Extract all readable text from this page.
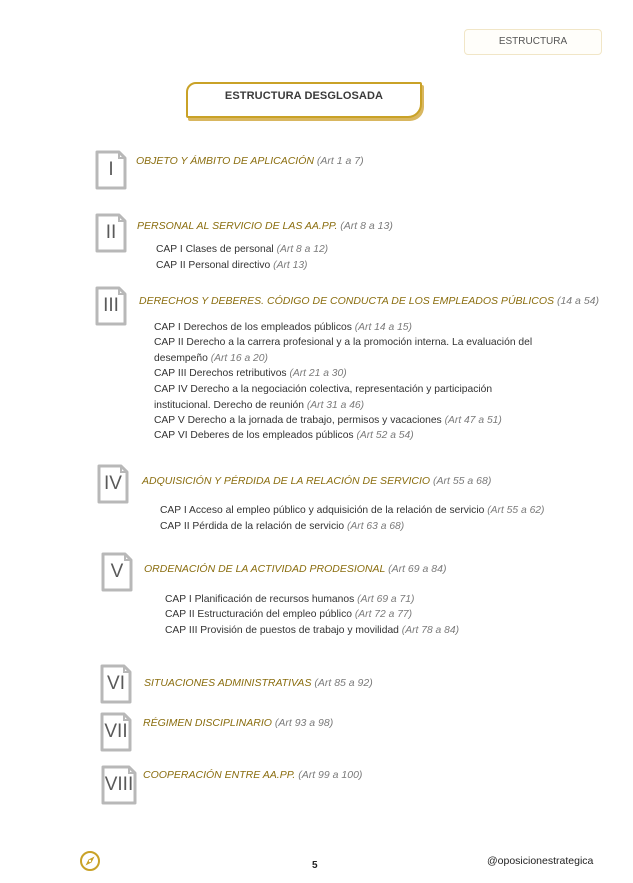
ESTRUCTURA
ESTRUCTURA DESGLOSADA
I	OBJETO Y ÁMBITO DE APLICACIÓN (Art 1 a 7)
II	PERSONAL AL SERVICIO DE LAS AA.PP. (Art 8 a 13)
CAP I Clases de personal (Art 8 a 12)
CAP II Personal directivo (Art 13)
III	DERECHOS Y DEBERES. CÓDIGO DE CONDUCTA DE LOS EMPLEADOS PÚBLICOS (14 a 54)
CAP I Derechos de los empleados públicos (Art 14 a 15)
CAP II Derecho a la carrera profesional y a la promoción interna. La evaluación del
desempeño (Art 16 a 20)
CAP III Derechos retributivos (Art 21 a 30)
CAP IV Derecho a la negociación colectiva, representación y participación
institucional. Derecho de reunión (Art 31 a 46)
CAP V Derecho a la jornada de trabajo, permisos y vacaciones (Art 47 a 51)
CAP VI Deberes de los empleados públicos (Art 52 a 54)
IV	ADQUISICIÓN Y PÉRDIDA DE LA RELACIÓN DE SERVICIO (Art 55 a 68)
CAP I Acceso al empleo público y adquisición de la relación de servicio (Art 55 a 62)
CAP II Pérdida de la relación de servicio (Art 63 a 68)
V	ORDENACIÓN DE LA ACTIVIDAD PRODESIONAL (Art 69 a 84)
CAP I Planificación de recursos humanos (Art 69 a 71)
CAP II Estructuración del empleo público (Art 72 a 77)
CAP III Provisión de puestos de trabajo y movilidad (Art 78 a 84)
VI	SITUACIONES ADMINISTRATIVAS (Art 85 a 92)
VII	RÉGIMEN DISCIPLINARIO (Art 93 a 98)
VIII COOPERACIÓN ENTRE AA.PP. (Art 99 a 100)
5	@oposicionestrategica
